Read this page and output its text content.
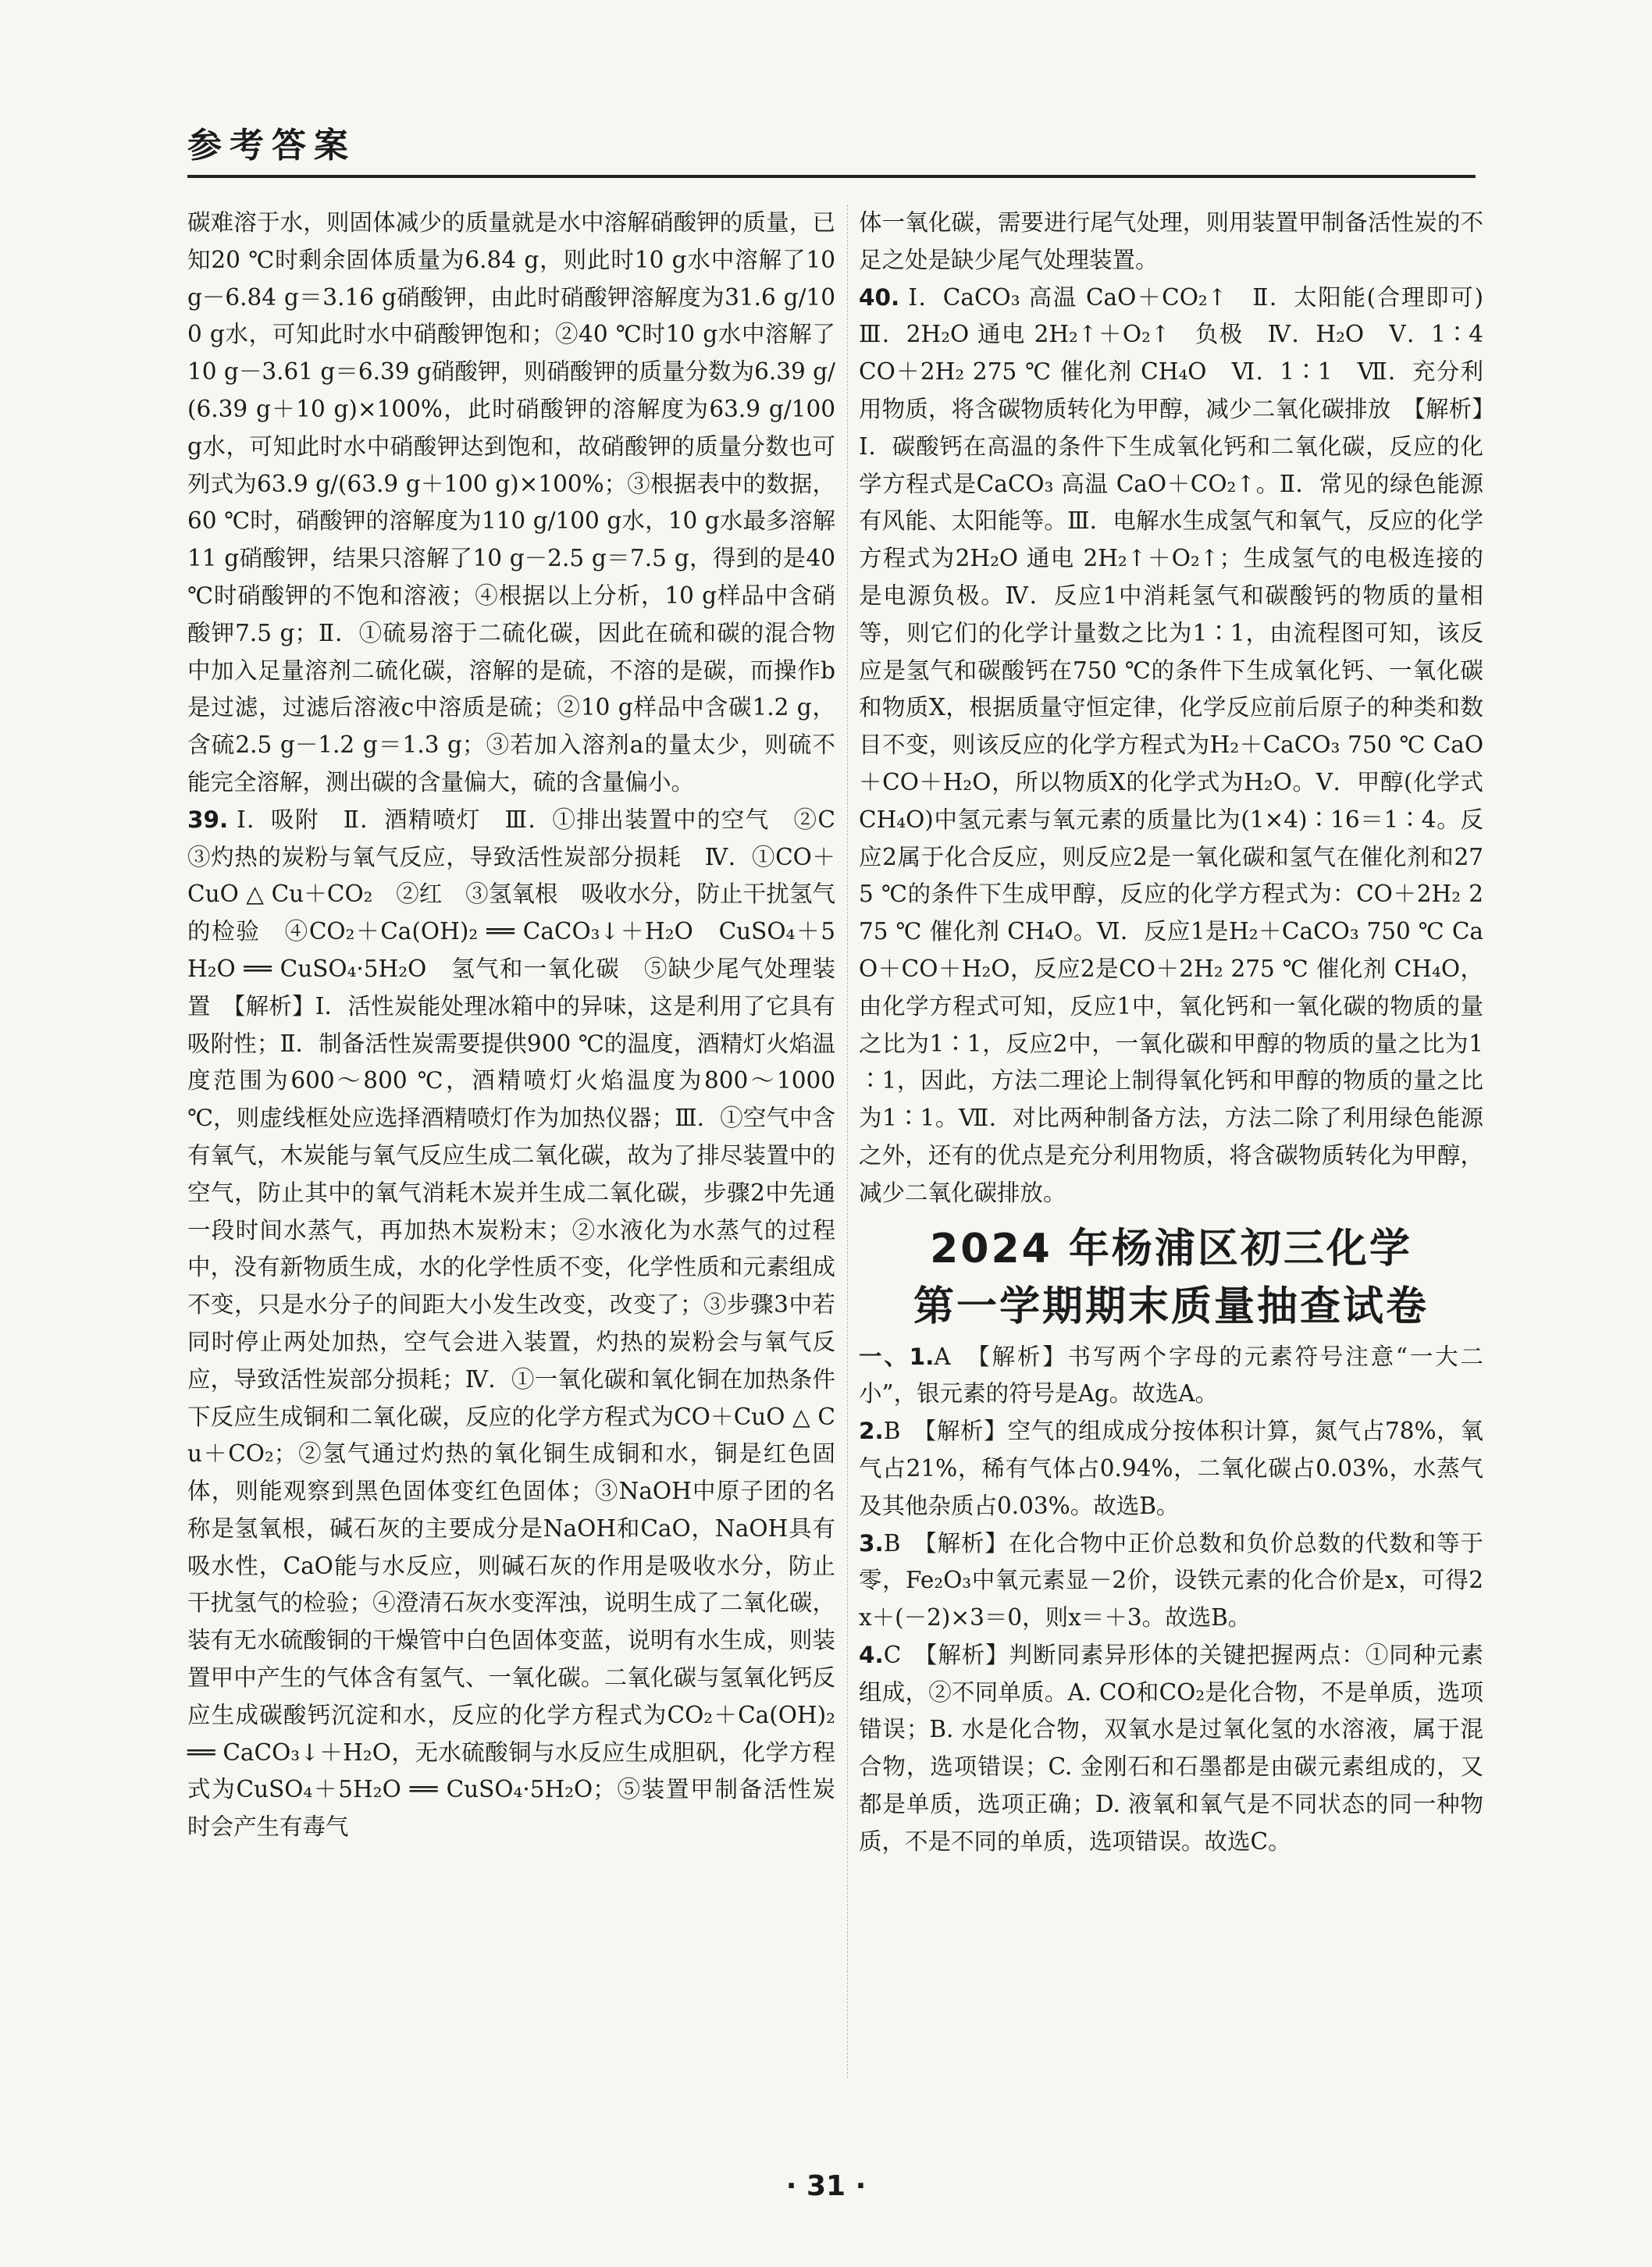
参考答案

碳难溶于水，则固体减少的质量就是水中溶解硝酸钾的质量，已知20 ℃时剩余固体质量为6.84 g，则此时10 g水中溶解了10 g－6.84 g＝3.16 g硝酸钾，由此时硝酸钾溶解度为31.6 g/100 g水，可知此时水中硝酸钾饱和；②40 ℃时10 g水中溶解了10 g－3.61 g＝6.39 g硝酸钾，则硝酸钾的质量分数为6.39 g/(6.39 g＋10 g)×100%，此时硝酸钾的溶解度为63.9 g/100 g水，可知此时水中硝酸钾达到饱和，故硝酸钾的质量分数也可列式为63.9 g/(63.9 g＋100 g)×100%；③根据表中的数据，60 ℃时，硝酸钾的溶解度为110 g/100 g水，10 g水最多溶解11 g硝酸钾，结果只溶解了10 g－2.5 g＝7.5 g，得到的是40 ℃时硝酸钾的不饱和溶液；④根据以上分析，10 g样品中含硝酸钾7.5 g；Ⅱ．①硫易溶于二硫化碳，因此在硫和碳的混合物中加入足量溶剂二硫化碳，溶解的是硫，不溶的是碳，而操作b是过滤，过滤后溶液c中溶质是硫；②10 g样品中含碳1.2 g，含硫2.5 g－1.2 g＝1.3 g；③若加入溶剂a的量太少，则硫不能完全溶解，测出碳的含量偏大，硫的含量偏小。

39. Ⅰ．吸附　Ⅱ．酒精喷灯　Ⅲ．①排出装置中的空气　②C　③灼热的炭粉与氧气反应，导致活性炭部分损耗　Ⅳ．①CO＋CuO △ Cu＋CO₂　②红　③氢氧根　吸收水分，防止干扰氢气的检验　④CO₂＋Ca(OH)₂ ══ CaCO₃↓＋H₂O　CuSO₄＋5H₂O ══ CuSO₄·5H₂O　氢气和一氧化碳　⑤缺少尾气处理装置　【解析】Ⅰ．活性炭能处理冰箱中的异味，这是利用了它具有吸附性；Ⅱ．制备活性炭需要提供900 ℃的温度，酒精灯火焰温度范围为600～800 ℃，酒精喷灯火焰温度为800～1000 ℃，则虚线框处应选择酒精喷灯作为加热仪器；Ⅲ．①空气中含有氧气，木炭能与氧气反应生成二氧化碳，故为了排尽装置中的空气，防止其中的氧气消耗木炭并生成二氧化碳，步骤2中先通一段时间水蒸气，再加热木炭粉末；②水液化为水蒸气的过程中，没有新物质生成，水的化学性质不变，化学性质和元素组成不变，只是水分子的间距大小发生改变，改变了；③步骤3中若同时停止两处加热，空气会进入装置，灼热的炭粉会与氧气反应，导致活性炭部分损耗；Ⅳ．①一氧化碳和氧化铜在加热条件下反应生成铜和二氧化碳，反应的化学方程式为CO＋CuO △ Cu＋CO₂；②氢气通过灼热的氧化铜生成铜和水，铜是红色固体，则能观察到黑色固体变红色固体；③NaOH中原子团的名称是氢氧根，碱石灰的主要成分是NaOH和CaO，NaOH具有吸水性，CaO能与水反应，则碱石灰的作用是吸收水分，防止干扰氢气的检验；④澄清石灰水变浑浊，说明生成了二氧化碳，装有无水硫酸铜的干燥管中白色固体变蓝，说明有水生成，则装置甲中产生的气体含有氢气、一氧化碳。二氧化碳与氢氧化钙反应生成碳酸钙沉淀和水，反应的化学方程式为CO₂＋Ca(OH)₂ ══ CaCO₃↓＋H₂O，无水硫酸铜与水反应生成胆矾，化学方程式为CuSO₄＋5H₂O ══ CuSO₄·5H₂O；⑤装置甲制备活性炭时会产生有毒气

体一氧化碳，需要进行尾气处理，则用装置甲制备活性炭的不足之处是缺少尾气处理装置。

40. Ⅰ．CaCO₃ 高温 CaO＋CO₂↑　Ⅱ．太阳能(合理即可)　Ⅲ．2H₂O 通电 2H₂↑＋O₂↑　负极　Ⅳ．H₂O　Ⅴ．1∶4　CO＋2H₂ 275 ℃ 催化剂 CH₄O　Ⅵ．1∶1　Ⅶ．充分利用物质，将含碳物质转化为甲醇，减少二氧化碳排放　【解析】Ⅰ．碳酸钙在高温的条件下生成氧化钙和二氧化碳，反应的化学方程式是CaCO₃ 高温 CaO＋CO₂↑。Ⅱ．常见的绿色能源有风能、太阳能等。Ⅲ．电解水生成氢气和氧气，反应的化学方程式为2H₂O 通电 2H₂↑＋O₂↑；生成氢气的电极连接的是电源负极。Ⅳ．反应1中消耗氢气和碳酸钙的物质的量相等，则它们的化学计量数之比为1∶1，由流程图可知，该反应是氢气和碳酸钙在750 ℃的条件下生成氧化钙、一氧化碳和物质X，根据质量守恒定律，化学反应前后原子的种类和数目不变，则该反应的化学方程式为H₂＋CaCO₃ 750 ℃ CaO＋CO＋H₂O，所以物质X的化学式为H₂O。Ⅴ．甲醇(化学式CH₄O)中氢元素与氧元素的质量比为(1×4)∶16＝1∶4。反应2属于化合反应，则反应2是一氧化碳和氢气在催化剂和275 ℃的条件下生成甲醇，反应的化学方程式为：CO＋2H₂ 275 ℃ 催化剂 CH₄O。Ⅵ．反应1是H₂＋CaCO₃ 750 ℃ CaO＋CO＋H₂O，反应2是CO＋2H₂ 275 ℃ 催化剂 CH₄O，由化学方程式可知，反应1中，氧化钙和一氧化碳的物质的量之比为1∶1，反应2中，一氧化碳和甲醇的物质的量之比为1∶1，因此，方法二理论上制得氧化钙和甲醇的物质的量之比为1∶1。Ⅶ．对比两种制备方法，方法二除了利用绿色能源之外，还有的优点是充分利用物质，将含碳物质转化为甲醇，减少二氧化碳排放。

2024 年杨浦区初三化学
第一学期期末质量抽查试卷

一、1.A　【解析】书写两个字母的元素符号注意“一大二小”，银元素的符号是Ag。故选A。

2.B　【解析】空气的组成成分按体积计算，氮气占78%，氧气占21%，稀有气体占0.94%，二氧化碳占0.03%，水蒸气及其他杂质占0.03%。故选B。

3.B　【解析】在化合物中正价总数和负价总数的代数和等于零，Fe₂O₃中氧元素显－2价，设铁元素的化合价是x，可得2x＋(－2)×3＝0，则x＝＋3。故选B。

4.C　【解析】判断同素异形体的关键把握两点：①同种元素组成，②不同单质。A. CO和CO₂是化合物，不是单质，选项错误；B. 水是化合物，双氧水是过氧化氢的水溶液，属于混合物，选项错误；C. 金刚石和石墨都是由碳元素组成的，又都是单质，选项正确；D. 液氧和氧气是不同状态的同一种物质，不是不同的单质，选项错误。故选C。

· 31 ·
